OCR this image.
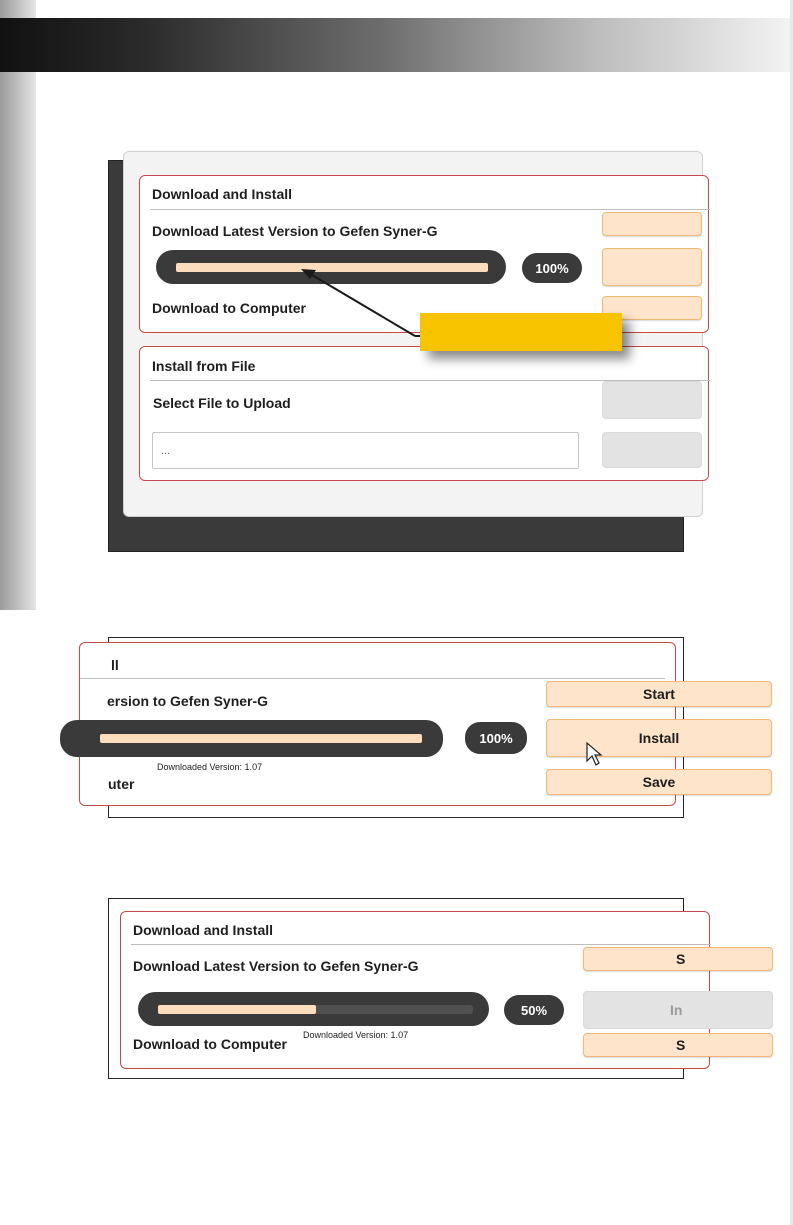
Download and Install
Download Latest Version to Gefen Syner-G
100%
Download to Computer
Install from File
Select File to Upload
...
ll
ersion to Gefen Syner-G
100%
Downloaded Version: 1.07
uter
Start
Install
Save
Download and Install
Download Latest Version to Gefen Syner-G
50%
Downloaded Version: 1.07
Download to Computer
S
In
S
